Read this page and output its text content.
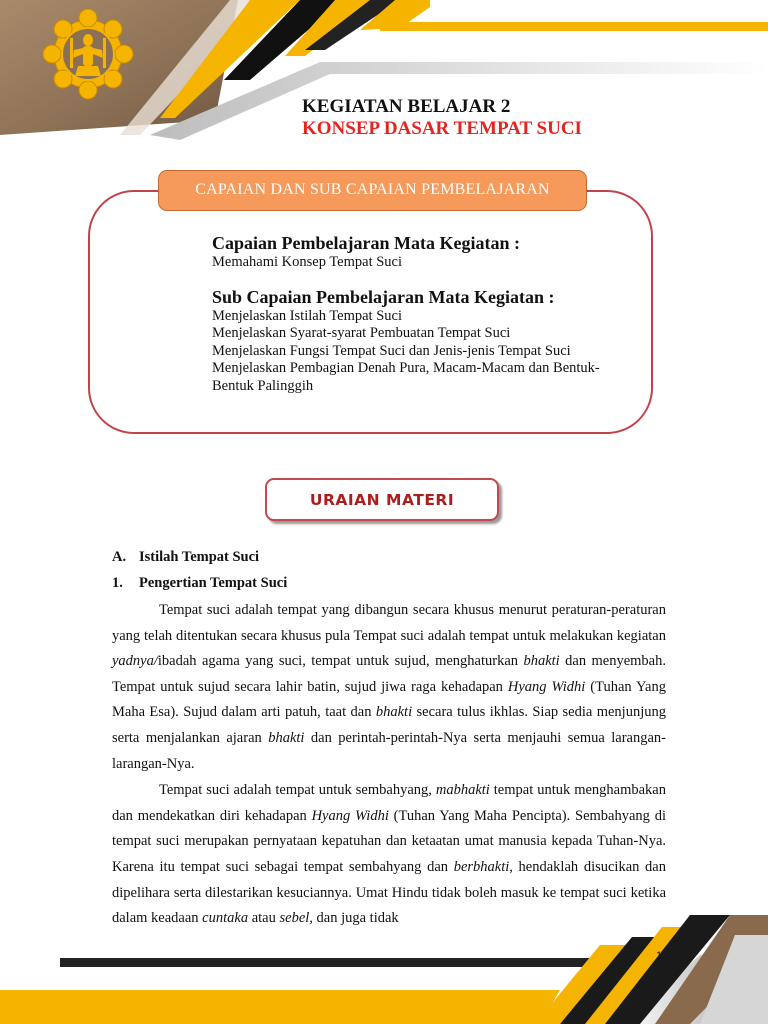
KEGIATAN BELAJAR 2
KONSEP DASAR TEMPAT SUCI
CAPAIAN DAN SUB CAPAIAN PEMBELAJARAN
Capaian Pembelajaran Mata Kegiatan :
Memahami Konsep Tempat Suci
Sub Capaian Pembelajaran Mata Kegiatan :
Menjelaskan Istilah Tempat Suci
Menjelaskan Syarat-syarat Pembuatan Tempat Suci
Menjelaskan Fungsi Tempat Suci dan Jenis-jenis Tempat Suci
Menjelaskan Pembagian Denah Pura, Macam-Macam dan Bentuk-Bentuk Palinggih
URAIAN MATERI
A. Istilah Tempat Suci
1. Pengertian Tempat Suci

Tempat suci adalah tempat yang dibangun secara khusus menurut peraturan-peraturan yang telah ditentukan secara khusus pula Tempat suci adalah tempat untuk melakukan kegiatan yadnya/ibadah agama yang suci, tempat untuk sujud, menghaturkan bhakti dan menyembah. Tempat untuk sujud secara lahir batin, sujud jiwa raga kehadapan Hyang Widhi (Tuhan Yang Maha Esa). Sujud dalam arti patuh, taat dan bhakti secara tulus ikhlas. Siap sedia menjunjung serta menjalankan ajaran bhakti dan perintah-perintah-Nya serta menjauhi semua larangan-larangan-Nya.

Tempat suci adalah tempat untuk sembahyang, mabhakti tempat untuk menghambakan dan mendekatkan diri kehadapan Hyang Widhi (Tuhan Yang Maha Pencipta). Sembahyang di tempat suci merupakan pernyataan kepatuhan dan ketaatan umat manusia kepada Tuhan-Nya. Karena itu tempat suci sebagai tempat sembahyang dan berbhakti, hendaklah disucikan dan dipelihara serta dilestarikan kesuciannya. Umat Hindu tidak boleh masuk ke tempat suci ketika dalam keadaan cuntaka atau sebel, dan juga tidak

1
